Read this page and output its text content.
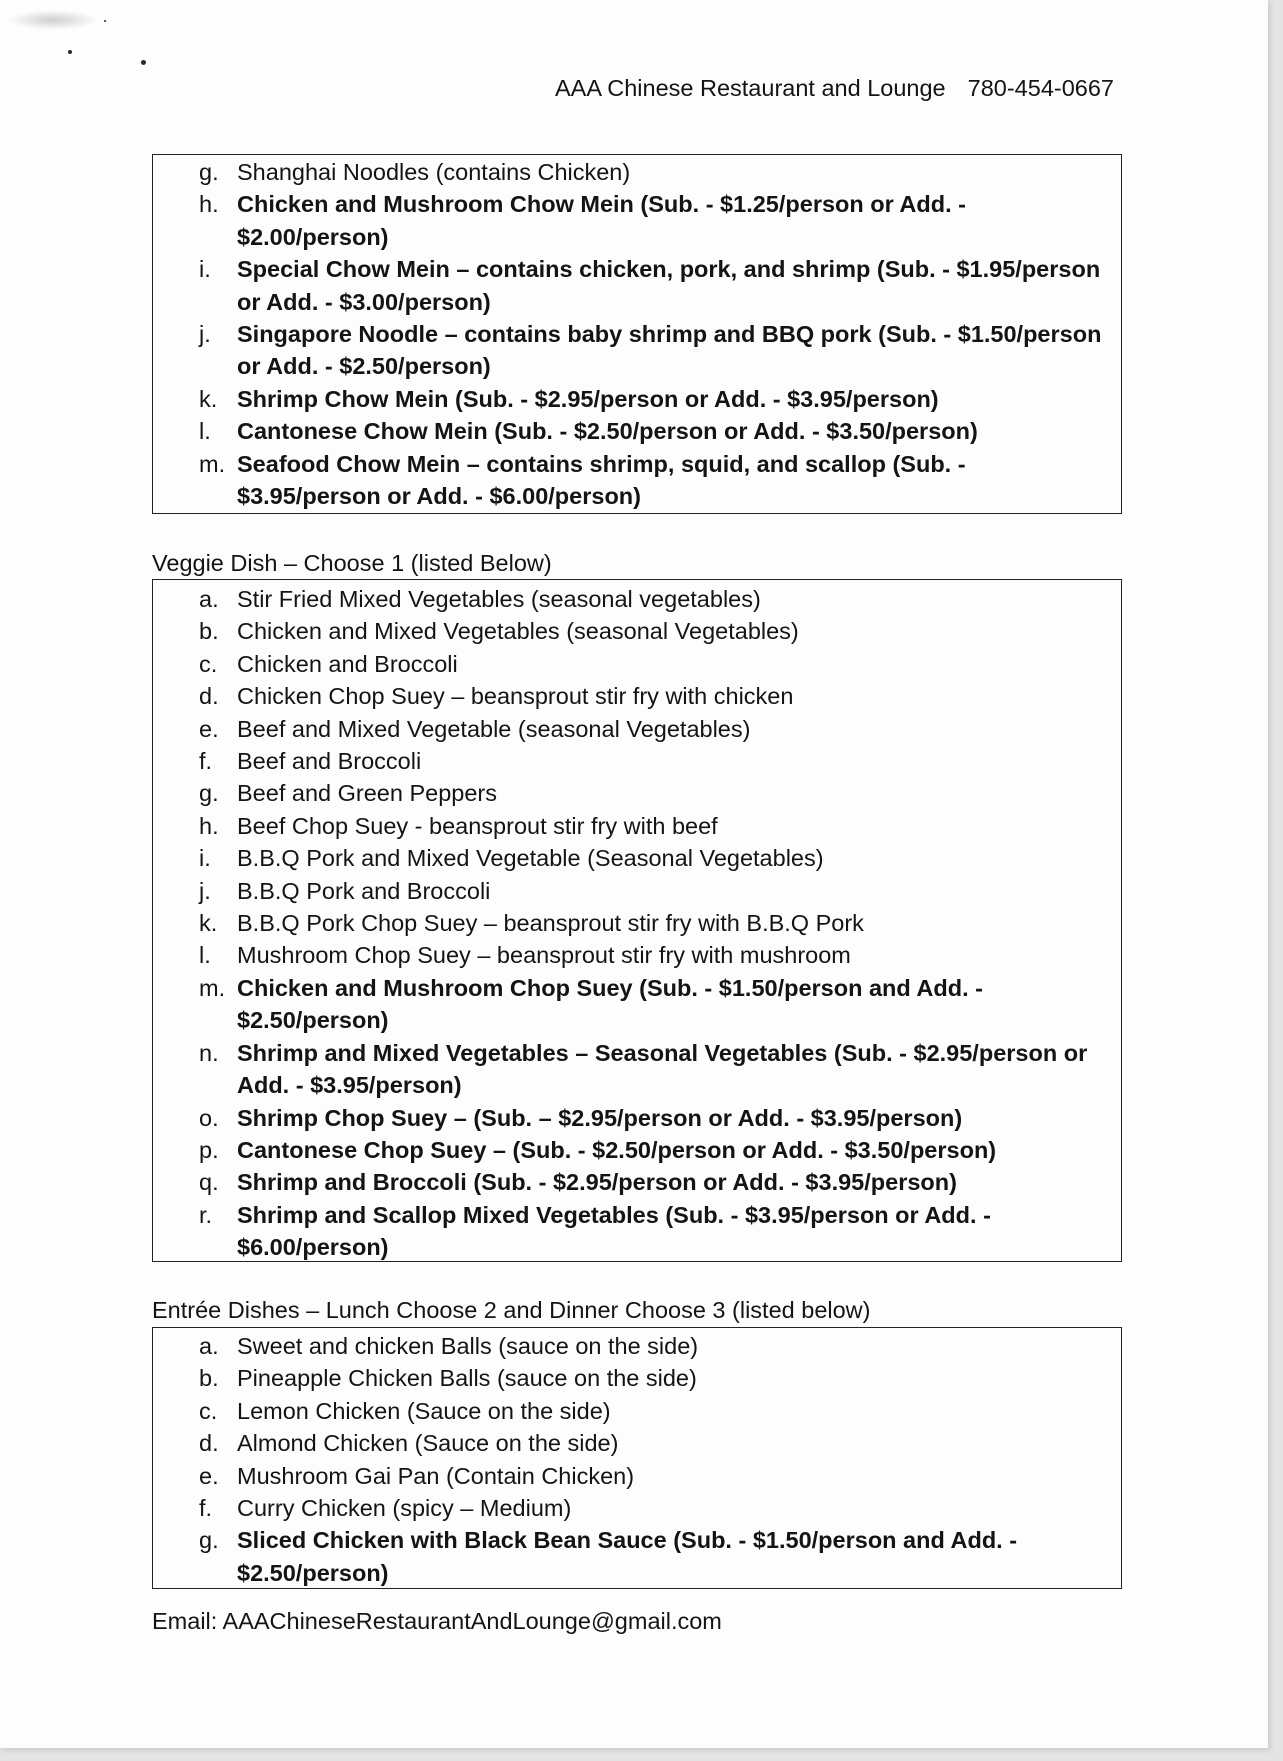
AAA Chinese Restaurant and Lounge 780-454-0667
g. Shanghai Noodles (contains Chicken)
h. Chicken and Mushroom Chow Mein (Sub. - $1.25/person or Add. - $2.00/person)
i. Special Chow Mein – contains chicken, pork, and shrimp (Sub. - $1.95/person or Add. - $3.00/person)
j. Singapore Noodle – contains baby shrimp and BBQ pork (Sub. - $1.50/person or Add. - $2.50/person)
k. Shrimp Chow Mein (Sub. - $2.95/person or Add. - $3.95/person)
l. Cantonese Chow Mein (Sub. - $2.50/person or Add. - $3.50/person)
m. Seafood Chow Mein – contains shrimp, squid, and scallop (Sub. - $3.95/person or Add. - $6.00/person)
Veggie Dish – Choose 1 (listed Below)
a. Stir Fried Mixed Vegetables (seasonal vegetables)
b. Chicken and Mixed Vegetables (seasonal Vegetables)
c. Chicken and Broccoli
d. Chicken Chop Suey – beansprout stir fry with chicken
e. Beef and Mixed Vegetable (seasonal Vegetables)
f. Beef and Broccoli
g. Beef and Green Peppers
h. Beef Chop Suey - beansprout stir fry with beef
i. B.B.Q Pork and Mixed Vegetable (Seasonal Vegetables)
j. B.B.Q Pork and Broccoli
k. B.B.Q Pork Chop Suey – beansprout stir fry with B.B.Q Pork
l. Mushroom Chop Suey – beansprout stir fry with mushroom
m. Chicken and Mushroom Chop Suey (Sub. - $1.50/person and Add. - $2.50/person)
n. Shrimp and Mixed Vegetables – Seasonal Vegetables (Sub. - $2.95/person or Add. - $3.95/person)
o. Shrimp Chop Suey – (Sub. – $2.95/person or Add. - $3.95/person)
p. Cantonese Chop Suey – (Sub. - $2.50/person or Add. - $3.50/person)
q. Shrimp and Broccoli (Sub. - $2.95/person or Add. - $3.95/person)
r. Shrimp and Scallop Mixed Vegetables (Sub. - $3.95/person or Add. - $6.00/person)
Entrée Dishes – Lunch Choose 2 and Dinner Choose 3 (listed below)
a. Sweet and chicken Balls (sauce on the side)
b. Pineapple Chicken Balls (sauce on the side)
c. Lemon Chicken (Sauce on the side)
d. Almond Chicken (Sauce on the side)
e. Mushroom Gai Pan (Contain Chicken)
f. Curry Chicken (spicy – Medium)
g. Sliced Chicken with Black Bean Sauce (Sub. - $1.50/person and Add. - $2.50/person)
Email: AAAChineseRestaurantAndLounge@gmail.com
